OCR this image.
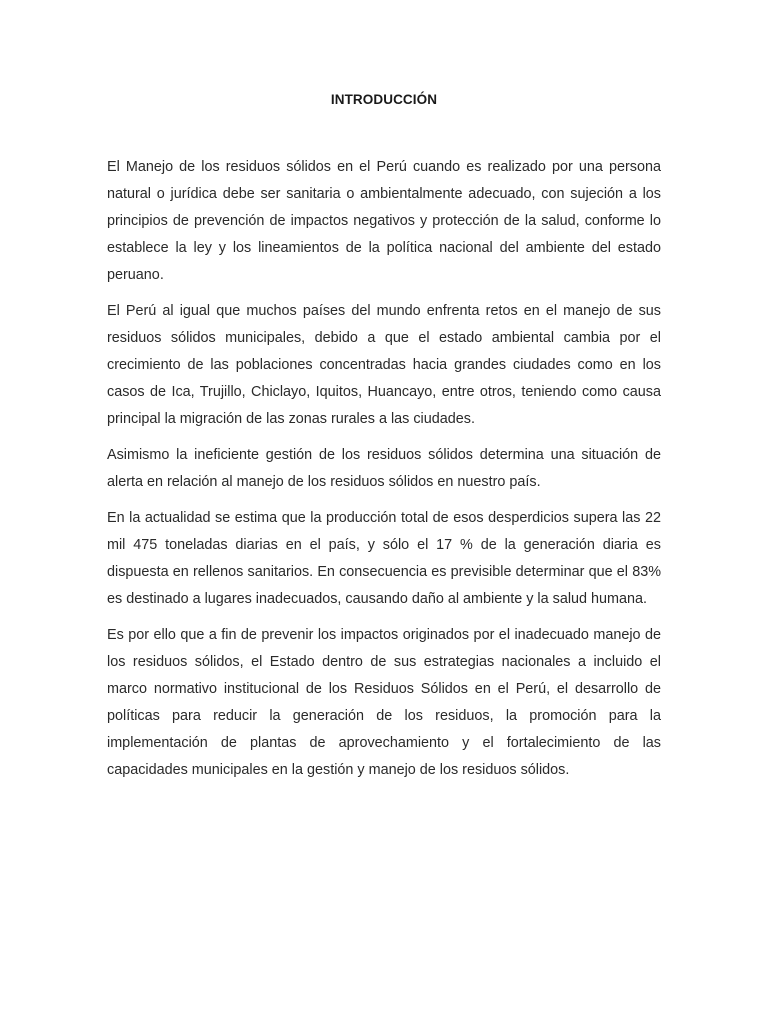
INTRODUCCIÓN

El Manejo de los residuos sólidos en el Perú cuando es realizado por una persona natural o jurídica debe ser sanitaria o ambientalmente adecuado, con sujeción a los principios de prevención de impactos negativos y protección de la salud, conforme lo establece la ley y los lineamientos de la política nacional del ambiente del estado peruano.

El Perú al igual que muchos países del mundo enfrenta retos en el manejo de sus residuos sólidos municipales, debido a que el estado ambiental cambia por el crecimiento de las poblaciones concentradas hacia grandes ciudades como en los casos de Ica, Trujillo, Chiclayo, Iquitos, Huancayo, entre otros, teniendo como causa principal la migración de las zonas rurales a las ciudades.

Asimismo la ineficiente gestión de los residuos sólidos determina una situación de alerta en relación al manejo de los residuos sólidos en nuestro país.

En la actualidad se estima que la producción total de esos desperdicios supera las 22 mil 475 toneladas diarias en el país, y sólo el 17 % de la generación diaria es dispuesta en rellenos sanitarios. En consecuencia es previsible determinar que el 83% es destinado a lugares inadecuados, causando daño al ambiente y la salud humana.

Es por ello que a fin de prevenir los impactos originados por el inadecuado manejo de los residuos sólidos, el Estado dentro de sus estrategias nacionales a incluido el marco normativo institucional de los Residuos Sólidos en el Perú, el desarrollo de políticas para reducir la generación de los residuos, la promoción para la implementación de plantas de aprovechamiento y el fortalecimiento de las capacidades municipales en la gestión y manejo de los residuos sólidos.
